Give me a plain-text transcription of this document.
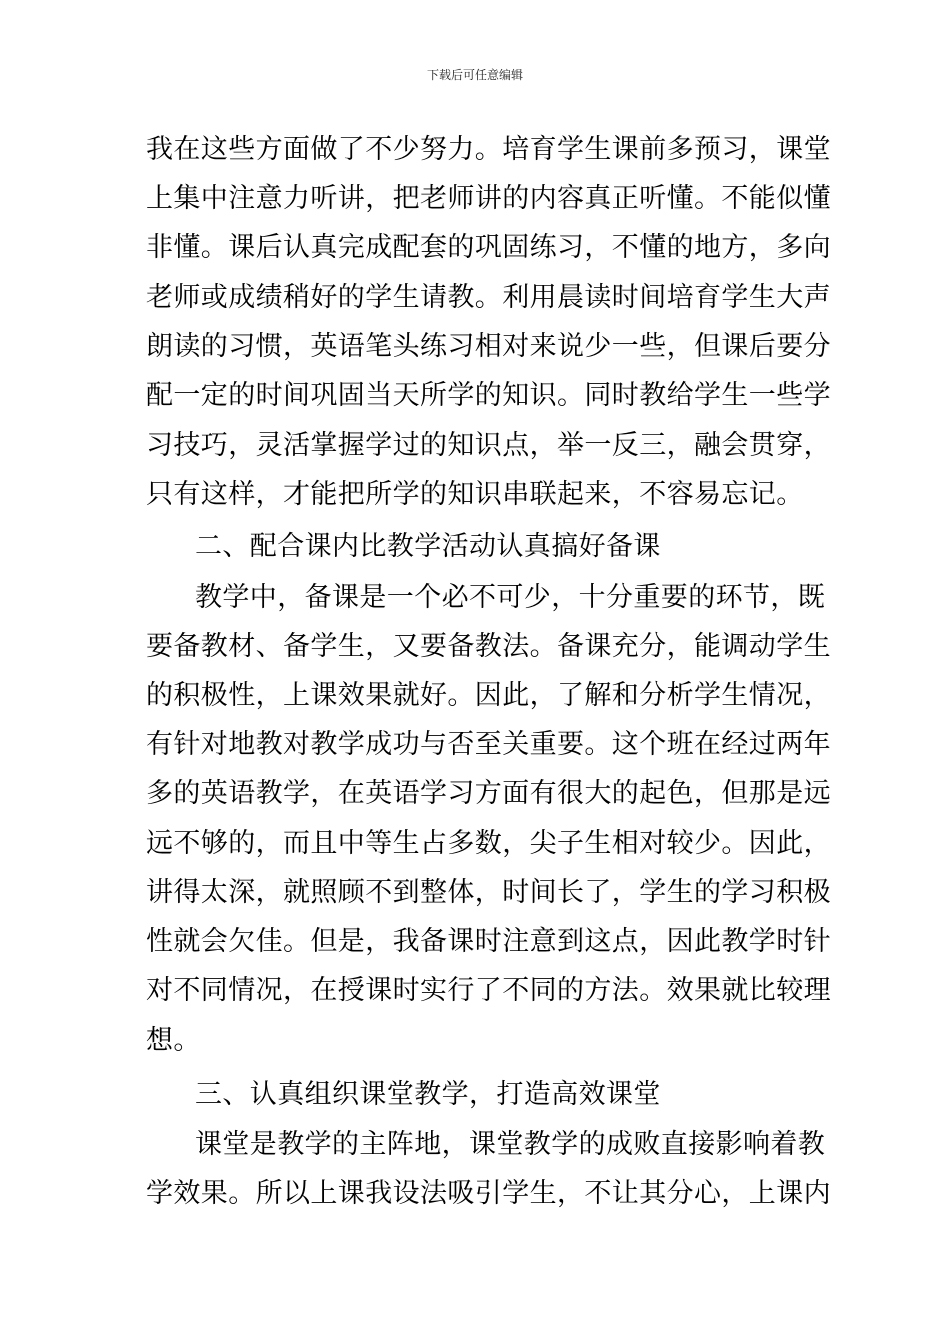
下载后可任意编辑
我在这些方面做了不少努力。培育学生课前多预习，课堂
上集中注意力听讲，把老师讲的内容真正听懂。不能似懂
非懂。课后认真完成配套的巩固练习，不懂的地方，多向
老师或成绩稍好的学生请教。利用晨读时间培育学生大声
朗读的习惯，英语笔头练习相对来说少一些，但课后要分
配一定的时间巩固当天所学的知识。同时教给学生一些学
习技巧，灵活掌握学过的知识点，举一反三，融会贯穿，
只有这样，才能把所学的知识串联起来，不容易忘记。
二、配合课内比教学活动认真搞好备课
教学中，备课是一个必不可少，十分重要的环节，既
要备教材、备学生，又要备教法。备课充分，能调动学生
的积极性，上课效果就好。因此，了解和分析学生情况，
有针对地教对教学成功与否至关重要。这个班在经过两年
多的英语教学，在英语学习方面有很大的起色，但那是远
远不够的，而且中等生占多数，尖子生相对较少。因此，
讲得太深，就照顾不到整体，时间长了，学生的学习积极
性就会欠佳。但是，我备课时注意到这点，因此教学时针
对不同情况，在授课时实行了不同的方法。效果就比较理
想。
三、认真组织课堂教学，打造高效课堂
课堂是教学的主阵地，课堂教学的成败直接影响着教
学效果。所以上课我设法吸引学生，不让其分心，上课内
